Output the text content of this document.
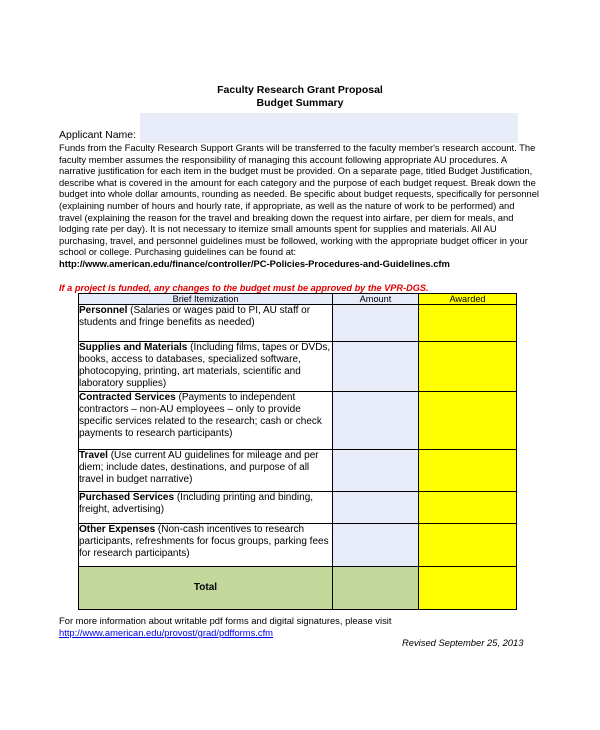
Faculty Research Grant Proposal
Budget Summary
Applicant Name:
Funds from the Faculty Research Support Grants will be transferred to the faculty member's research account. The faculty member assumes the responsibility of managing this account following appropriate AU procedures. A narrative justification for each item in the budget must be provided. On a separate page, titled Budget Justification, describe what is covered in the amount for each category and the purpose of each budget request. Break down the budget into whole dollar amounts, rounding as needed. Be specific about budget requests, specifically for personnel (explaining number of hours and hourly rate, if appropriate, as well as the nature of work to be performed) and travel (explaining the reason for the travel and breaking down the request into airfare, per diem for meals, and lodging rate per day). It is not necessary to itemize small amounts spent for supplies and materials. All AU purchasing, travel, and personnel guidelines must be followed, working with the appropriate budget officer in your school or college. Purchasing guidelines can be found at:
http://www.american.edu/finance/controller/PC-Policies-Procedures-and-Guidelines.cfm
If a project is funded, any changes to the budget must be approved by the VPR-DGS.
Brief Itemization	Amount	Awarded
Personnel (Salaries or wages paid to PI, AU staff or students and fringe benefits as needed)		
Supplies and Materials (Including films, tapes or DVDs, books, access to databases, specialized software, photocopying, printing, art materials, scientific and laboratory supplies)		
Contracted Services (Payments to independent contractors – non-AU employees – only to provide specific services related to the research; cash or check payments to research participants)		
Travel (Use current AU guidelines for mileage and per diem; include dates, destinations, and purpose of all travel in budget narrative)		
Purchased Services (Including printing and binding, freight, advertising)		
Other Expenses (Non-cash incentives to research participants, refreshments for focus groups, parking fees for research participants)		
Total		
For more information about writable pdf forms and digital signatures, please visit
http://www.american.edu/provost/grad/pdfforms.cfm
Revised September 25, 2013
